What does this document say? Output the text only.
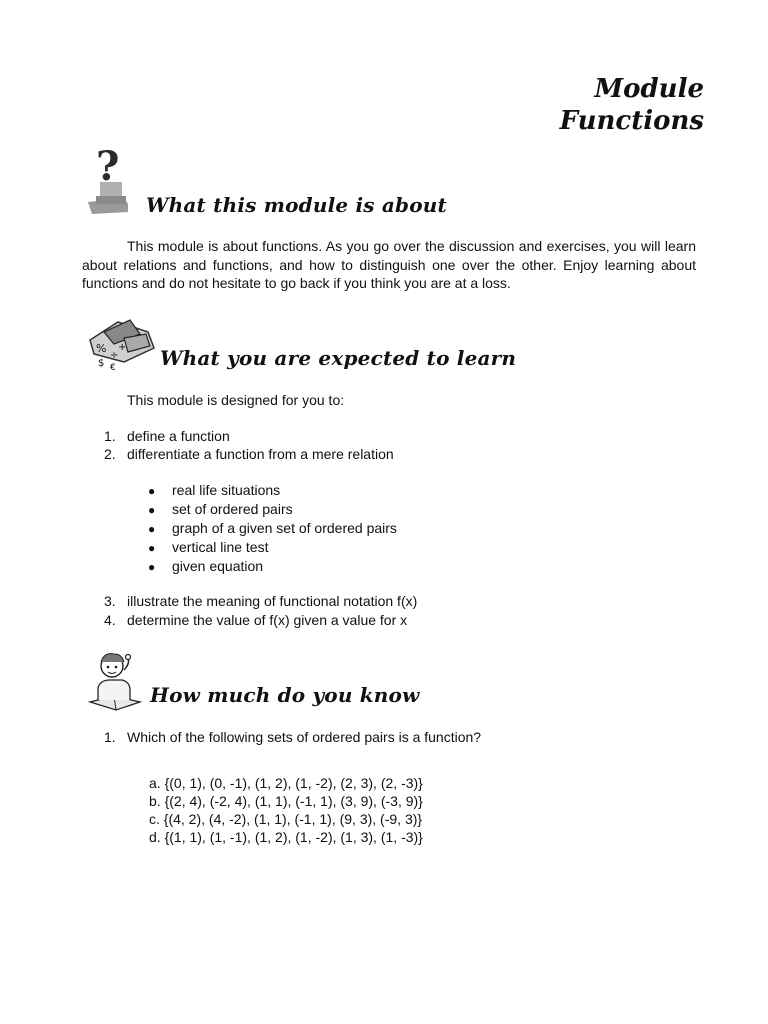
Module
Functions
?
What this module is about
This module is about functions. As you go over the discussion and exercises, you will learn about relations and functions, and how to distinguish one over the other. Enjoy learning about functions and do not hesitate to go back if you think you are at a loss.
%
÷
$ €
+ What you are expected to learn
This module is designed for you to:
1. define a function
2. differentiate a function from a mere relation
● real life situations
● set of ordered pairs
● graph of a given set of ordered pairs
● vertical line test
● given equation
3. illustrate the meaning of functional notation f(x)
4. determine the value of f(x) given a value for x
How much do you know
1. Which of the following sets of ordered pairs is a function?
a. {(0, 1), (0, -1), (1, 2), (1, -2), (2, 3), (2, -3)}
b. {(2, 4), (-2, 4), (1, 1), (-1, 1), (3, 9), (-3, 9)}
c. {(4, 2), (4, -2), (1, 1), (-1, 1), (9, 3), (-9, 3)}
d. {(1, 1), (1, -1), (1, 2), (1, -2), (1, 3), (1, -3)}
